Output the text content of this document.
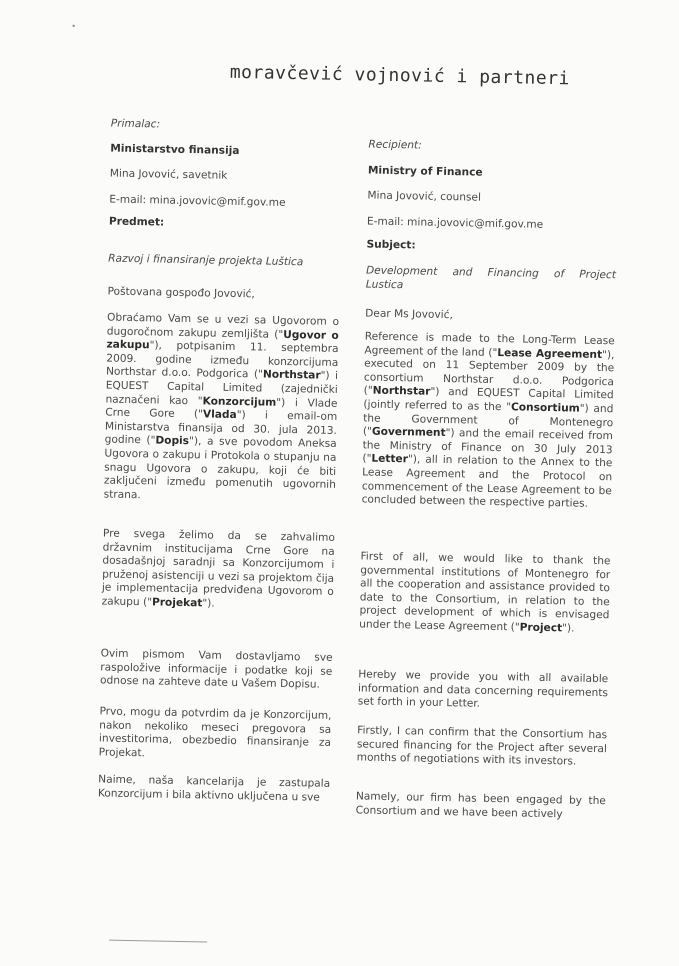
moravčević vojnović i partneri
Primalac:
Ministarstvo finansija
Mina Jovović, savetnik
E-mail: mina.jovovic@mif.gov.me
Predmet:
Razvoj i finansiranje projekta Luštica
Poštovana gospođo Jovović,
Obraćamo Vam se u vezi sa Ugovorom o dugoročnom zakupu zemljišta ("Ugovor o zakupu"), potpisanim 11. septembra 2009. godine između konzorcijuma Northstar d.o.o. Podgorica ("Northstar") i EQUEST Capital Limited (zajednički naznačeni kao "Konzorcijum") i Vlade Crne Gore ("Vlada") i email-om Ministarstva finansija od 30. jula 2013. godine ("Dopis"), a sve povodom Aneksa Ugovora o zakupu i Protokola o stupanju na snagu Ugovora o zakupu, koji će biti zaključeni između pomenutih ugovornih strana.
Pre svega želimo da se zahvalimo državnim institucijama Crne Gore na dosadašnjoj saradnji sa Konzorcijumom i pruženoj asistenciji u vezi sa projektom čija je implementacija predviđena Ugovorom o zakupu ("Projekat").
Ovim pismom Vam dostavljamo sve raspoložive informacije i podatke koji se odnose na zahteve date u Vašem Dopisu.
Prvo, mogu da potvrdim da je Konzorcijum, nakon nekoliko meseci pregovora sa investitorima, obezbedio finansiranje za Projekat.
Naime, naša kancelarija je zastupala Konzorcijum i bila aktivno uključena u sve
Recipient:
Ministry of Finance
Mina Jovović, counsel
E-mail: mina.jovovic@mif.gov.me
Subject:
Development and Financing of Project Lustica
Dear Ms Jovović,
Reference is made to the Long-Term Lease Agreement of the land ("Lease Agreement"), executed on 11 September 2009 by the consortium Northstar d.o.o. Podgorica ("Northstar") and EQUEST Capital Limited (jointly referred to as the "Consortium") and the Government of Montenegro ("Government") and the email received from the Ministry of Finance on 30 July 2013 ("Letter"), all in relation to the Annex to the Lease Agreement and the Protocol on commencement of the Lease Agreement to be concluded between the respective parties.
First of all, we would like to thank the governmental institutions of Montenegro for all the cooperation and assistance provided to date to the Consortium, in relation to the project development of which is envisaged under the Lease Agreement ("Project").
Hereby we provide you with all available information and data concerning requirements set forth in your Letter.
Firstly, I can confirm that the Consortium has secured financing for the Project after several months of negotiations with its investors.
Namely, our firm has been engaged by the Consortium and we have been actively
